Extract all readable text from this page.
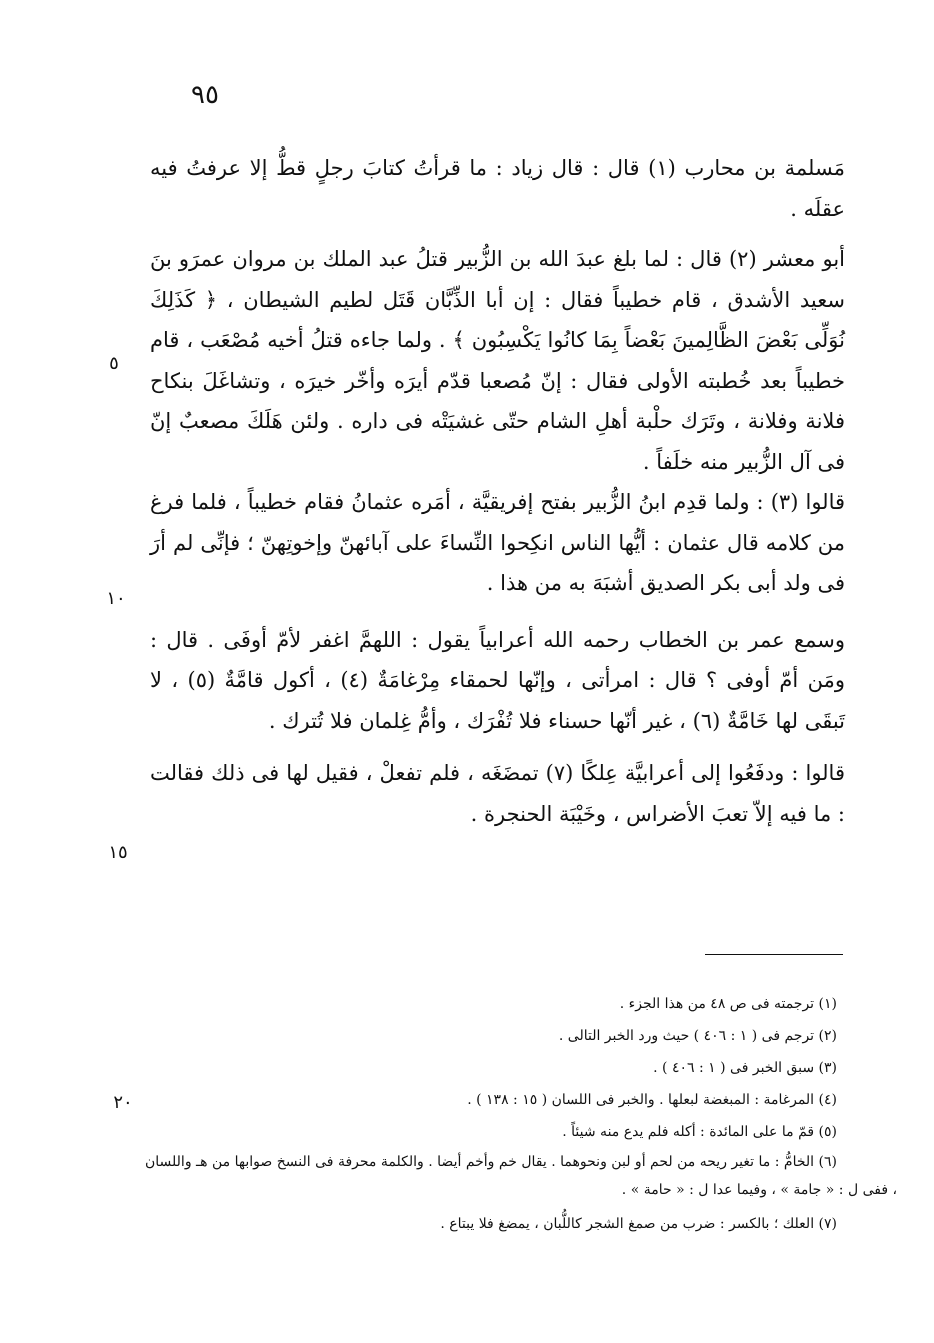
٩٥

مَسلمة بن محارب (١) قال : قال زياد : ما قرأتُ كتابَ رجلٍ قطُّ إلا عرفتُ فيه عقلَه .

أبو معشر (٢) قال : لما بلغ عبدَ الله بن الزُّبير قتلُ عبد الملك بن مروان عمرَو بنَ سعيد الأشدق ، قام خطيباً فقال : إن أبا الذِّبَّان قَتَل لطيم الشيطان ، ﴿ كَذَلِكَ نُوَلِّى بَعْضَ الظَّالِمينَ بَعْضاً بِمَا كانُوا يَكْسِبُون ﴾ . ولما جاءه قتلُ أخيه مُصْعَب ، قام خطيباً بعد خُطبته الأولى فقال : إنّ مُصعبا قدّم أيرَه وأخّر خيرَه ، وتشاغَلَ بنكاح فلانة وفلانة ، وتَرَك حلْبة أهلِ الشام حتّى غشيَتْه فى داره . ولئن هَلَكَ مصعبٌ إنّ فى آل الزُّبير منه خلَفاً .

قالوا (٣) : ولما قدِم ابنُ الزُّبير بفتح إفريقيَّة ، أمَره عثمانُ فقام خطيباً ، فلما فرغ من كلامه قال عثمان : أيُّها الناس انكِحوا النِّساءَ على آبائهنّ وإخوتِهنّ ؛ فإنِّى لم أرَ فى ولد أبى بكر الصديق أشبَهَ به من هذا .

وسمع عمر بن الخطاب رحمه الله أعرابياً يقول : اللهمَّ اغفر لأمّ أوفَى . قال : ومَن أمّ أوفى ؟ قال : امرأتى ، وإنّها لحمقاء مِرْغامَةٌ (٤) ، أكول قامَّةٌ (٥) ، لا تَبقَى لها خَامَّةٌ (٦) ، غير أنّها حسناء فلا تُفْرَك ، وأمُّ غِلمان فلا تُترك .

قالوا : ودفَعُوا إلى أعرابيَّة عِلكًا (٧) تمضَغَه ، فلم تفعلْ ، فقيل لها فى ذلك فقالت : ما فيه إلاّ تعبَ الأضراس ، وخَيْبَة الحنجرة .

٥
١٠
١٥
٢٠
(١) ترجمته فى ص ٤٨ من هذا الجزء .
(٢) ترجم فى ( ١ : ٤٠٦ ) حيث ورد الخبر التالى .
(٣) سبق الخبر فى ( ١ : ٤٠٦ ) .
(٤) المرغامة : المبغضة لبعلها . والخبر فى اللسان ( ١٥ : ١٣٨ ) .
(٥) قمّ ما على المائدة : أكله فلم يدع منه شيئاً .
(٦) الخامُّ : ما تغير ريحه من لحم أو لبن ونحوهما . يقال خم وأخم أيضا . والكلمة محرفة فى النسخ صوابها من هـ واللسان ، ففى ل : « جامة » ، وفيما عدا ل : « حامة » .
(٧) العلك ؛ بالكسر : ضرب من صمغ الشجر كاللُّبان ، يمضغ فلا يبتاع .
